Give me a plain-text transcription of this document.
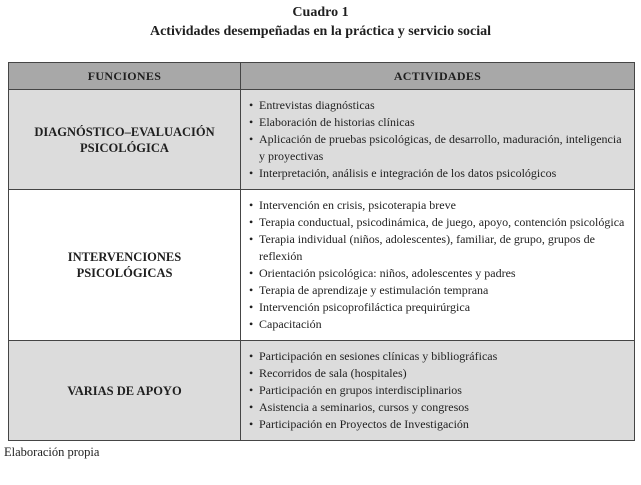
Cuadro 1
Actividades desempeñadas en la práctica y servicio social
FUNCIONES	ACTIVIDADES
DIAGNÓSTICO–EVALUACIÓN PSICOLÓGICA	
• Entrevistas diagnósticas
• Elaboración de historias clínicas
• Aplicación de pruebas psicológicas, de desarrollo, maduración, inteligencia y proyectivas
• Interpretación, análisis e integración de los datos psicológicos

INTERVENCIONES PSICOLÓGICAS	
• Intervención en crisis, psicoterapia breve
• Terapia conductual, psicodinámica, de juego, apoyo, contención psicológica
• Terapia individual (niños, adolescentes), familiar, de grupo, grupos de reflexión
• Orientación psicológica: niños, adolescentes y padres
• Terapia de aprendizaje y estimulación temprana
• Intervención psicoprofiláctica prequirúrgica
• Capacitación

VARIAS DE APOYO	
• Participación en sesiones clínicas y bibliográficas
• Recorridos de sala (hospitales)
• Participación en grupos interdisciplinarios
• Asistencia a seminarios, cursos y congresos
• Participación en Proyectos de Investigación
Elaboración propia
